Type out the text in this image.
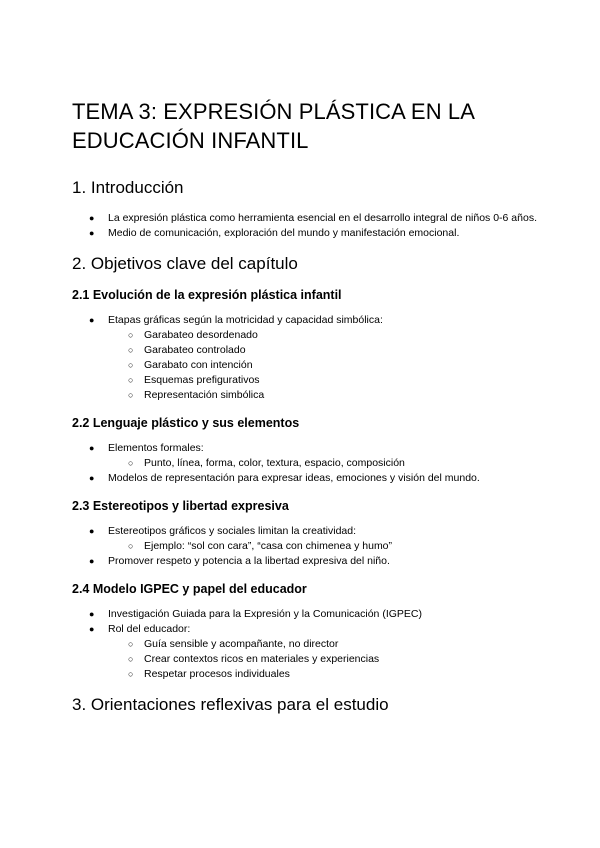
TEMA 3: EXPRESIÓN PLÁSTICA EN LA EDUCACIÓN INFANTIL
1. Introducción
● La expresión plástica como herramienta esencial en el desarrollo integral de niños 0-6 años.
● Medio de comunicación, exploración del mundo y manifestación emocional.
2. Objetivos clave del capítulo
2.1 Evolución de la expresión plástica infantil
● Etapas gráficas según la motricidad y capacidad simbólica:
○ Garabateo desordenado
○ Garabateo controlado
○ Garabato con intención
○ Esquemas prefigurativos
○ Representación simbólica
2.2 Lenguaje plástico y sus elementos
● Elementos formales:
○ Punto, línea, forma, color, textura, espacio, composición
● Modelos de representación para expresar ideas, emociones y visión del mundo.
2.3 Estereotipos y libertad expresiva
● Estereotipos gráficos y sociales limitan la creatividad:
○ Ejemplo: “sol con cara”, “casa con chimenea y humo”
● Promover respeto y potencia a la libertad expresiva del niño.
2.4 Modelo IGPEC y papel del educador
● Investigación Guiada para la Expresión y la Comunicación (IGPEC)
● Rol del educador:
○ Guía sensible y acompañante, no director
○ Crear contextos ricos en materiales y experiencias
○ Respetar procesos individuales
3. Orientaciones reflexivas para el estudio
